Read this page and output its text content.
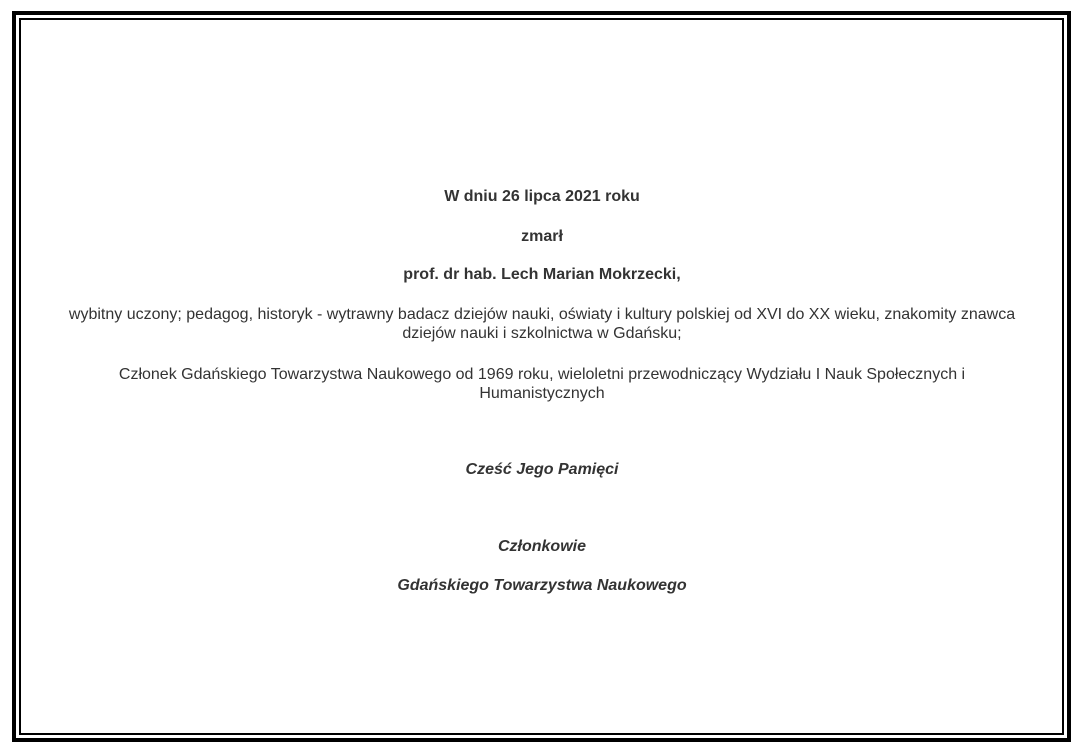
W dniu 26 lipca 2021 roku
zmarł
prof. dr hab. Lech Marian Mokrzecki,
wybitny uczony; pedagog, historyk - wytrawny badacz dziejów nauki, oświaty i kultury polskiej od XVI do XX wieku, znakomity znawca dziejów nauki i szkolnictwa w Gdańsku;
Członek Gdańskiego Towarzystwa Naukowego od 1969 roku, wieloletni przewodniczący Wydziału I Nauk Społecznych i Humanistycznych
Cześć Jego Pamięci
Członkowie
Gdańskiego Towarzystwa Naukowego
